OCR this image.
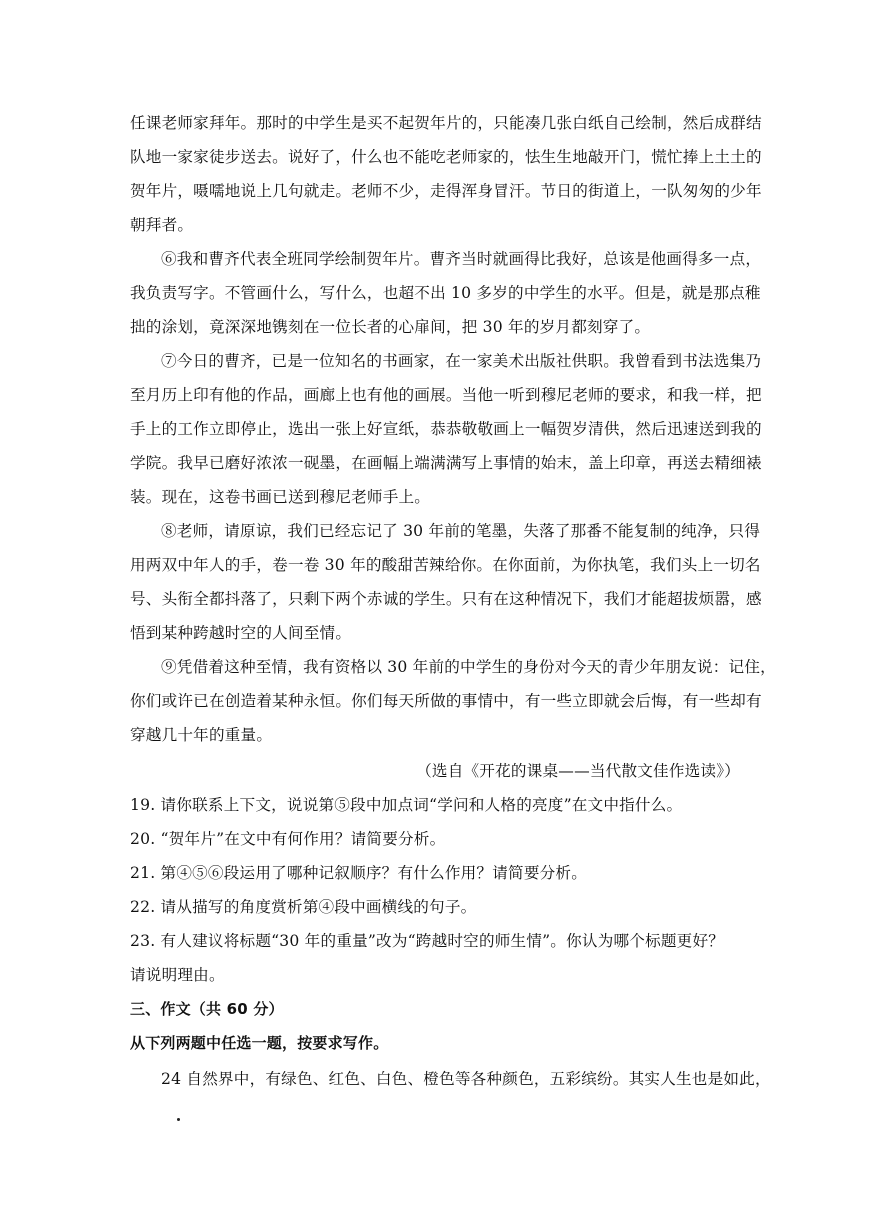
任课老师家拜年。那时的中学生是买不起贺年片的，只能凑几张白纸自己绘制，然后成群结
队地一家家徒步送去。说好了，什么也不能吃老师家的，怯生生地敲开门，慌忙捧上土土的
贺年片，嗫嚅地说上几句就走。老师不少，走得浑身冒汗。节日的街道上，一队匆匆的少年
朝拜者。
⑥我和曹齐代表全班同学绘制贺年片。曹齐当时就画得比我好，总该是他画得多一点，
我负责写字。不管画什么，写什么，也超不出 10 多岁的中学生的水平。但是，就是那点稚
拙的涂划，竟深深地镌刻在一位长者的心扉间，把 30 年的岁月都刻穿了。
⑦今日的曹齐，已是一位知名的书画家，在一家美术出版社供职。我曾看到书法选集乃
至月历上印有他的作品，画廊上也有他的画展。当他一听到穆尼老师的要求，和我一样，把
手上的工作立即停止，选出一张上好宣纸，恭恭敬敬画上一幅贺岁清供，然后迅速送到我的
学院。我早已磨好浓浓一砚墨，在画幅上端满满写上事情的始末，盖上印章，再送去精细裱
装。现在，这卷书画已送到穆尼老师手上。
⑧老师，请原谅，我们已经忘记了 30 年前的笔墨，失落了那番不能复制的纯净，只得
用两双中年人的手，卷一卷 30 年的酸甜苦辣给你。在你面前，为你执笔，我们头上一切名
号、头衔全都抖落了，只剩下两个赤诚的学生。只有在这种情况下，我们才能超拔烦嚣，感
悟到某种跨越时空的人间至情。
⑨凭借着这种至情，我有资格以 30 年前的中学生的身份对今天的青少年朋友说：记住，
你们或许已在创造着某种永恒。你们每天所做的事情中，有一些立即就会后悔，有一些却有
穿越几十年的重量。
（选自《开花的课桌——当代散文佳作选读》）
19. 请你联系上下文，说说第⑤段中加点词“学问和人格的亮度”在文中指什么。
20. “贺年片”在文中有何作用？请简要分析。
21. 第④⑤⑥段运用了哪种记叙顺序？有什么作用？请简要分析。
22. 请从描写的角度赏析第④段中画横线的句子。
23. 有人建议将标题“30 年的重量”改为“跨越时空的师生情”。你认为哪个标题更好？
请说明理由。
三、作文（共 60 分）
从下列两题中任选一题，按要求写作。
24 自然界中，有绿色、红色、白色、橙色等各种颜色，五彩缤纷。其实人生也是如此，
